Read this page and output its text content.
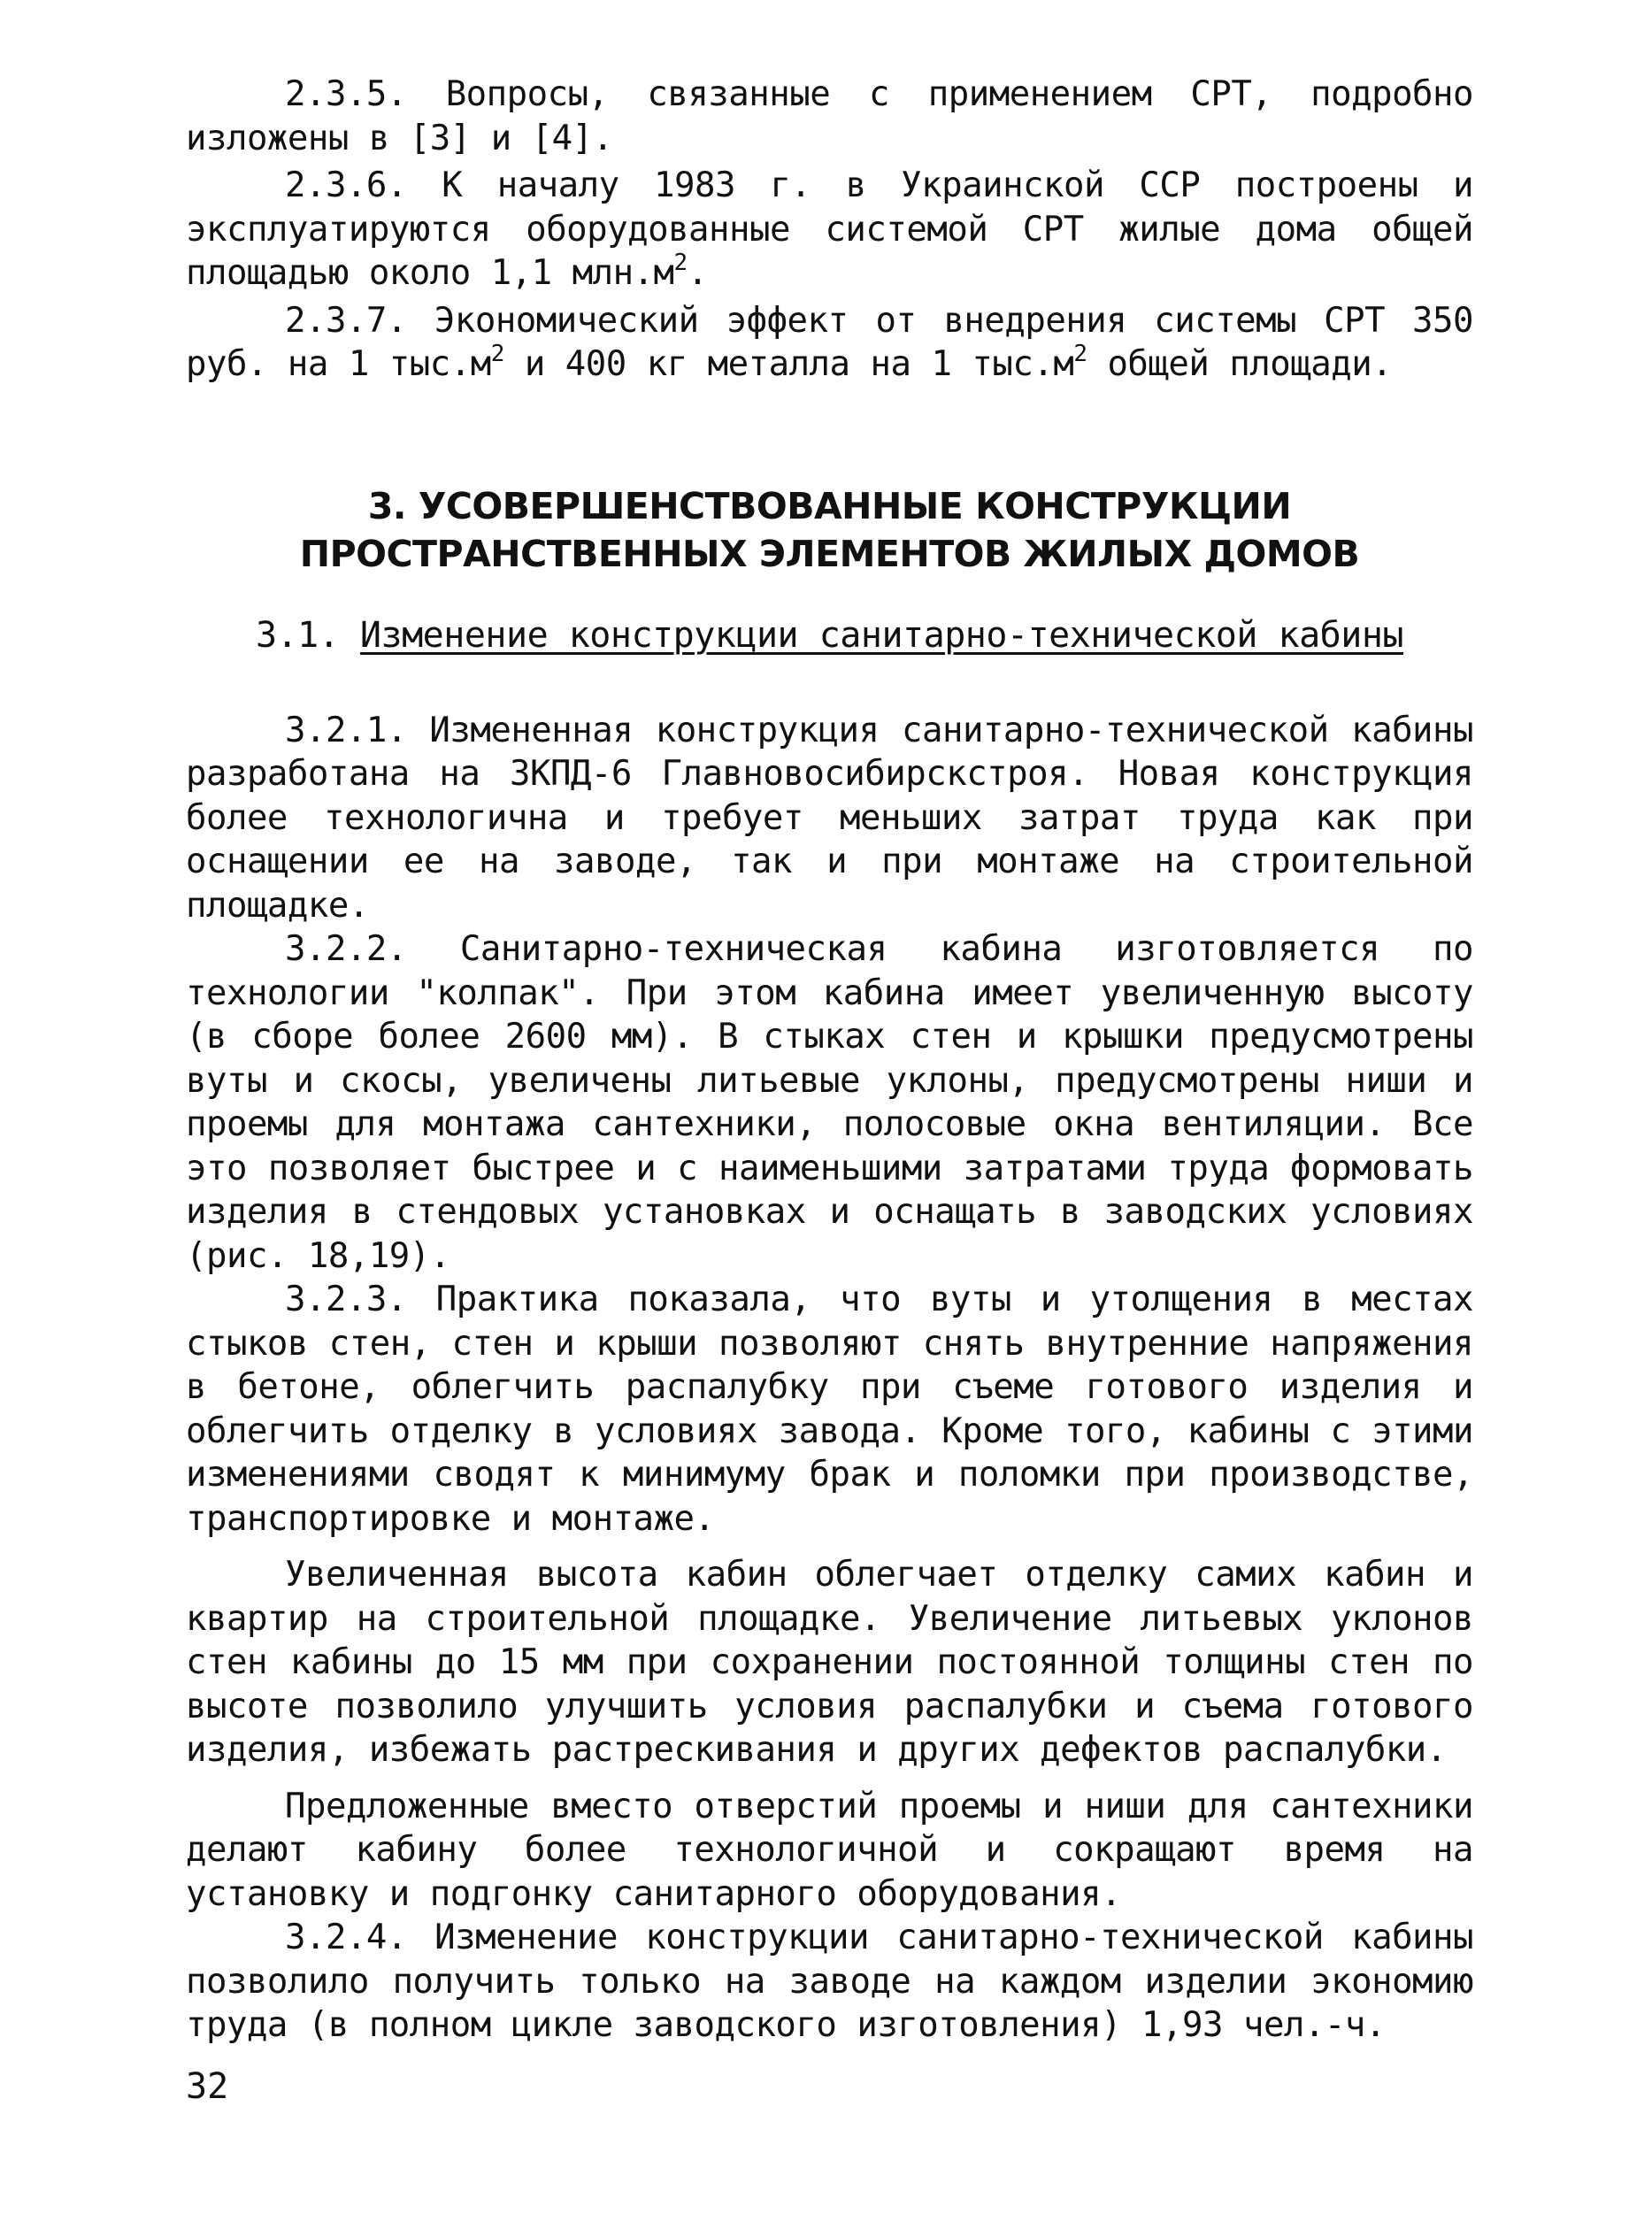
2.3.5. Вопросы, связанные с применением СРТ, подробно изложены в [3] и [4].

2.3.6. К началу 1983 г. в Украинской ССР построены и эксплуатируются оборудованные системой СРТ жилые дома общей площадью около 1,1 $млн.м^2$.

2.3.7. Экономический эффект от внедрения системы СРТ 350 руб. на 1 $тыс.м^2$ и 400 кг металла на 1 $тыс.м^2$ общей площади.

3. УСОВЕРШЕНСТВОВАННЫЕ КОНСТРУКЦИИ
ПРОСТРАНСТВЕННЫХ ЭЛЕМЕНТОВ ЖИЛЫХ ДОМОВ
3.1. Изменение конструкции санитарно-технической кабины

3.2.1. Измененная конструкция санитарно-технической кабины разработана на ЗКПД-6 Главновосибирскстроя. Новая конструкция более технологична и требует меньших затрат труда как при оснащении ее на заводе, так и при монтаже на строительной площадке.

3.2.2. Санитарно-техническая кабина изготовляется по технологии "колпак". При этом кабина имеет увеличенную высоту (в сборе более 2600 мм). В стыках стен и крышки предусмотрены вуты и скосы, увеличены литьевые уклоны, предусмотрены ниши и проемы для монтажа сантехники, полосовые окна вентиляции. Все это позволяет быстрее и с наименьшими затратами труда формовать изделия в стендовых установках и оснащать в заводских условиях (рис. 18,19).

3.2.3. Практика показала, что вуты и утолщения в местах стыков стен, стен и крыши позволяют снять внутренние напряжения в бетоне, облегчить распалубку при съеме готового изделия и облегчить отделку в условиях завода. Кроме того, кабины с этими изменениями сводят к минимуму брак и поломки при производстве, транспортировке и монтаже.

Увеличенная высота кабин облегчает отделку самих кабин и квартир на строительной площадке. Увеличение литьевых уклонов стен кабины до 15 мм при сохранении постоянной толщины стен по высоте позволило улучшить условия распалубки и съема готового изделия, избежать растрескивания и других дефектов распалубки.

Предложенные вместо отверстий проемы и ниши для сантехники делают кабину более технологичной и сокращают время на установку и подгонку санитарного оборудования.

3.2.4. Изменение конструкции санитарно-технической кабины позволило получить только на заводе на каждом изделии экономию труда (в полном цикле заводского изготовления) 1,93 чел.-ч.

32
